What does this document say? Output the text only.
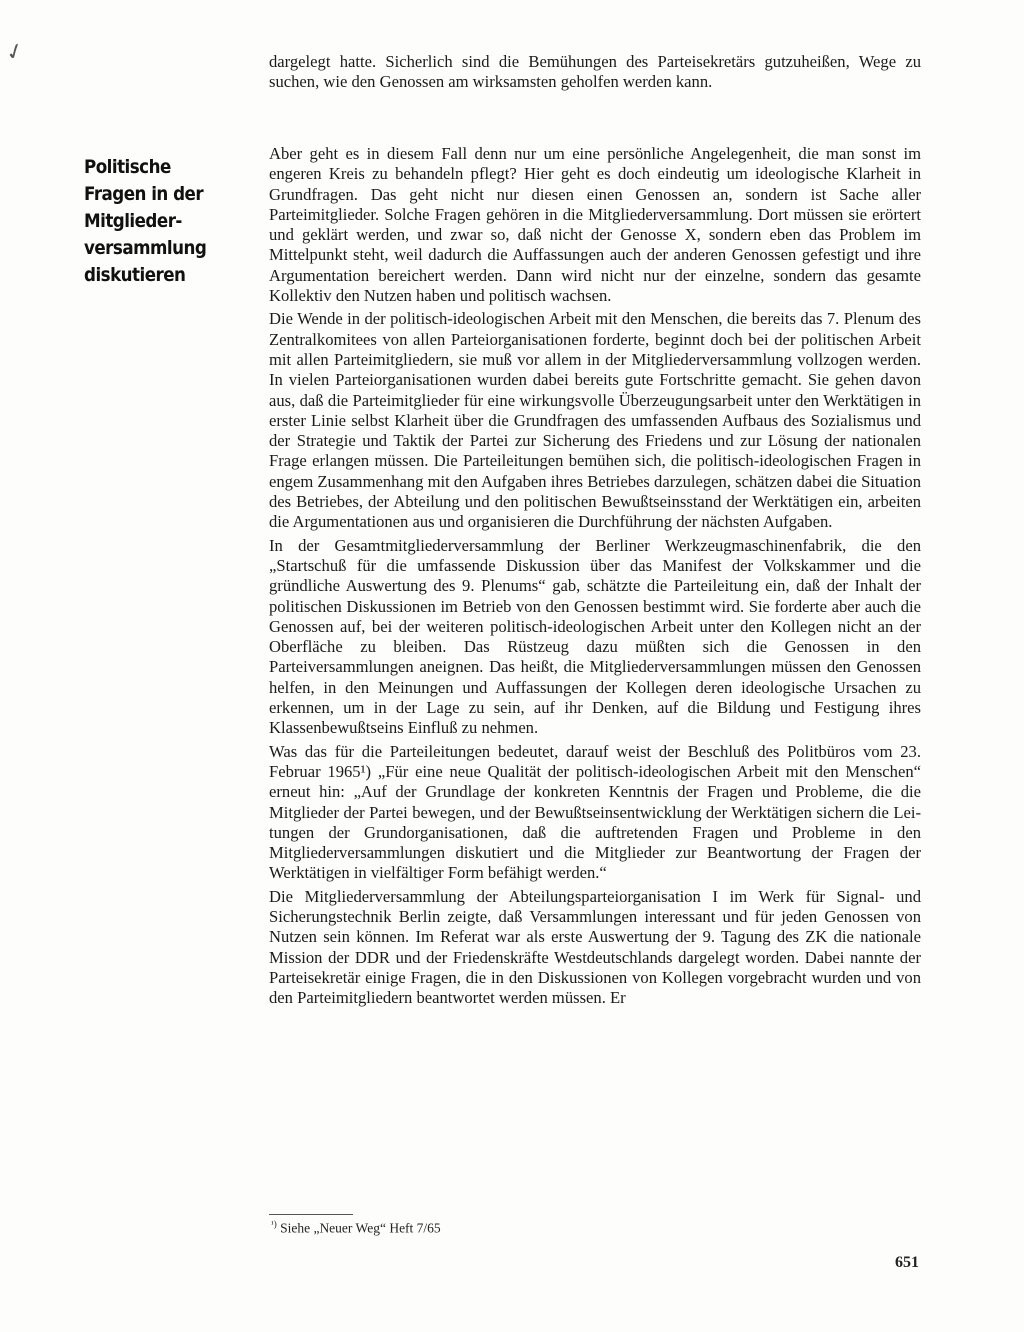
✓
Politische
Fragen in der
Mitglieder-
versammlung
diskutieren

dargelegt hatte. Sicherlich sind die Bemühungen des Parteisekretärs gutzuheißen, Wege zu suchen, wie den Genossen am wirksamsten geholfen werden kann.

Aber geht es in diesem Fall denn nur um eine persönliche Angelegenheit, die man sonst im engeren Kreis zu behandeln pflegt? Hier geht es doch eindeutig um ideologische Klarheit in Grundfragen. Das geht nicht nur diesen einen Genossen an, sondern ist Sache aller Parteimitglieder. Solche Fragen gehören in die Mitgliederversammlung. Dort müssen sie erörtert und geklärt werden, und zwar so, daß nicht der Genosse X, sondern eben das Problem im Mittelpunkt steht, weil dadurch die Auffassungen auch der anderen Genossen gefestigt und ihre Argumentation bereichert werden. Dann wird nicht nur der einzelne, sondern das gesamte Kollektiv den Nutzen haben und politisch wachsen.

Die Wende in der politisch-ideologischen Arbeit mit den Menschen, die bereits das 7. Plenum des Zentralkomitees von allen Parteiorganisationen forderte, beginnt doch bei der politischen Arbeit mit allen Parteimitgliedern, sie muß vor allem in der Mitgliederversammlung vollzogen werden. In vielen Parteiorganisationen wurden dabei bereits gute Fortschritte gemacht. Sie gehen davon aus, daß die Parteimitglieder für eine wirkungsvolle Überzeugungsarbeit unter den Werktätigen in erster Linie selbst Klarheit über die Grundfragen des umfassenden Aufbaus des Sozialismus und der Strategie und Taktik der Partei zur Sicherung des Friedens und zur Lösung der nationalen Frage erlangen müssen. Die Parteileitungen bemühen sich, die politisch-ideologischen Fragen in engem Zusammenhang mit den Aufgaben ihres Betriebes darzulegen, schätzen dabei die Situation des Betriebes, der Abteilung und den politischen Bewußtseinsstand der Werktätigen ein, arbeiten die Argumentationen aus und organisieren die Durchführung der nächsten Aufgaben.

In der Gesamtmitgliederversammlung der Berliner Werkzeugmaschinenfabrik, die den „Startschuß für die umfassende Diskussion über das Manifest der Volkskammer und die gründliche Auswertung des 9. Plenums“ gab, schätzte die Parteileitung ein, daß der Inhalt der politischen Diskussionen im Betrieb von den Genossen bestimmt wird. Sie forderte aber auch die Genossen auf, bei der weiteren politisch-ideologischen Arbeit unter den Kollegen nicht an der Oberfläche zu bleiben. Das Rüstzeug dazu müßten sich die Genossen in den Parteiversammlungen aneignen. Das heißt, die Mitgliederversammlungen müssen den Genossen helfen, in den Meinungen und Auffassungen der Kollegen deren ideologische Ursachen zu erkennen, um in der Lage zu sein, auf ihr Denken, auf die Bildung und Festigung ihres Klassenbewußtseins Einfluß zu nehmen.

Was das für die Parteileitungen bedeutet, darauf weist der Beschluß des Politbüros vom 23. Februar 1965¹) „Für eine neue Qualität der politisch-ideologischen Arbeit mit den Menschen“ erneut hin: „Auf der Grundlage der konkreten Kenntnis der Fragen und Probleme, die die Mitglieder der Partei bewegen, und der Bewußtseinsentwicklung der Werktätigen sichern die Leitungen der Grundorganisationen, daß die auftretenden Fragen und Probleme in den Mitgliederversammlungen diskutiert und die Mitglieder zur Beantwortung der Fragen der Werktätigen in vielfältiger Form befähigt werden.“

Die Mitgliederversammlung der Abteilungsparteiorganisation I im Werk für Signal- und Sicherungstechnik Berlin zeigte, daß Versammlungen interessant und für jeden Genossen von Nutzen sein können. Im Referat war als erste Auswertung der 9. Tagung des ZK die nationale Mission der DDR und der Friedenskräfte Westdeutschlands dargelegt worden. Dabei nannte der Parteisekretär einige Fragen, die in den Diskussionen von Kollegen vorgebracht wurden und von den Parteimitgliedern beantwortet werden müssen. Er

$^{^1)}$ Siehe „Neuer Weg“ Heft 7/65
651
